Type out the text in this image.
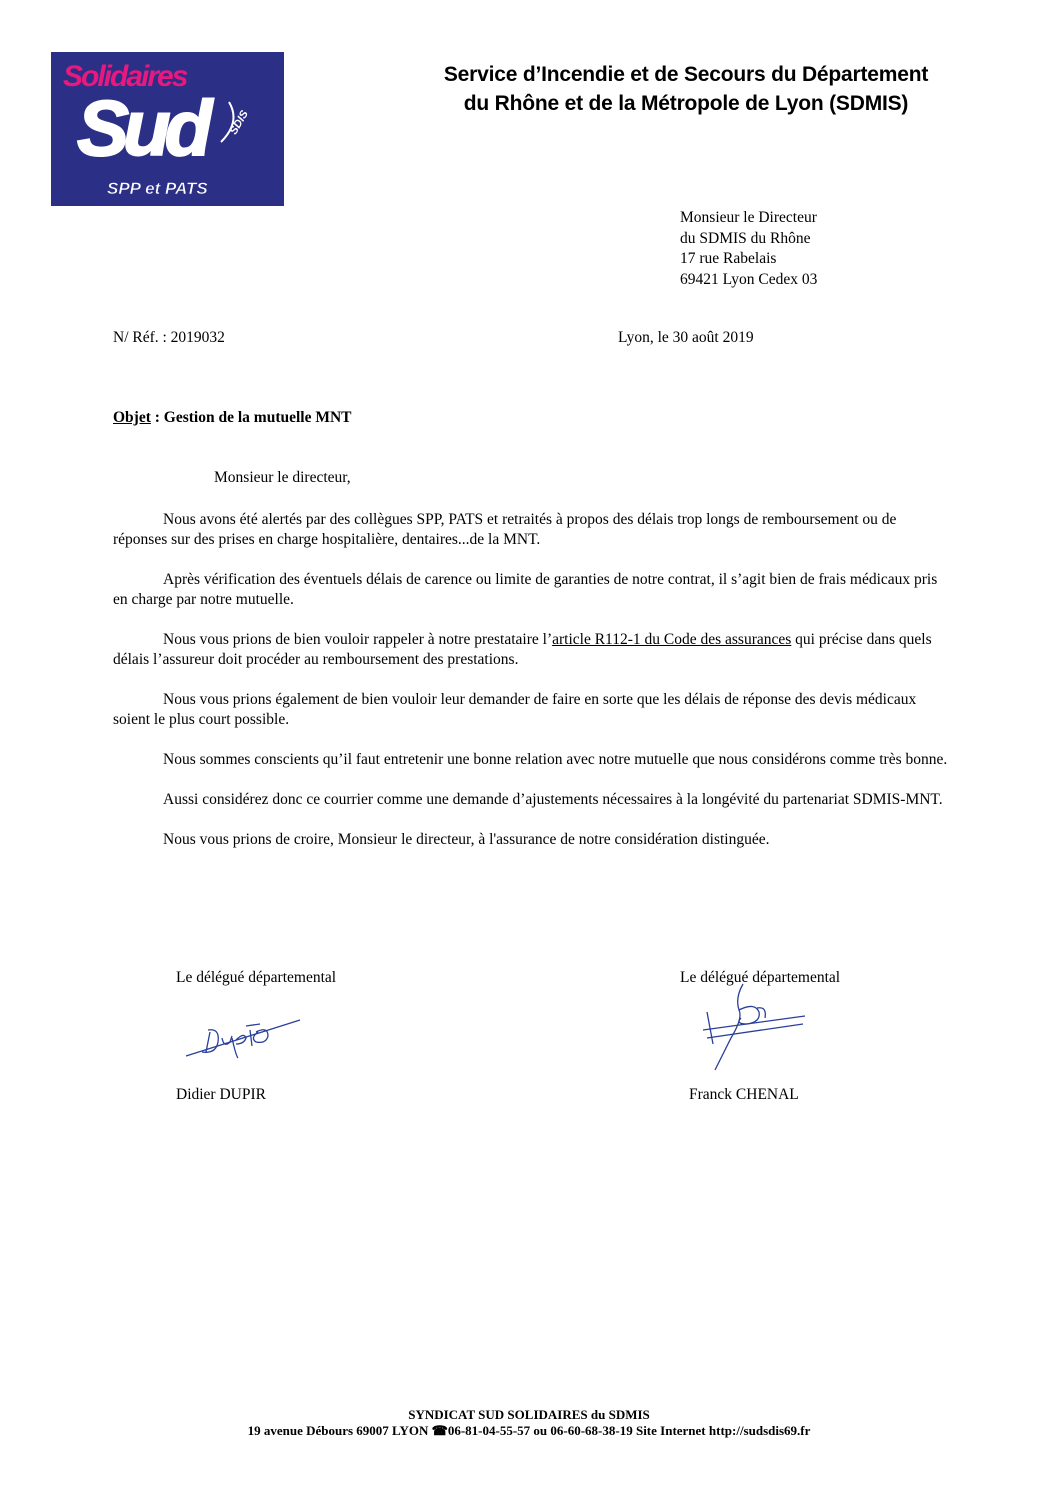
Solidaires
Sud	SDIS
SPP et PATS
Service d’Incendie et de Secours du Département
du Rhône et de la Métropole de Lyon (SDMIS)
Monsieur le Directeur
du SDMIS du Rhône
17 rue Rabelais
69421 Lyon Cedex 03
N/ Réf. : 2019032	Lyon, le 30 août 2019
Objet : Gestion de la mutuelle MNT
Monsieur le directeur,

Nous avons été alertés par des collègues SPP, PATS et retraités à propos des délais trop longs de remboursement ou de réponses sur des prises en charge hospitalière, dentaires...de la MNT.

Après vérification des éventuels délais de carence ou limite de garanties de notre contrat, il s’agit bien de frais médicaux pris en charge par notre mutuelle.

Nous vous prions de bien vouloir rappeler à notre prestataire l’article R112-1 du Code des assurances qui précise dans quels délais l’assureur doit procéder au remboursement des prestations.

Nous vous prions également de bien vouloir leur demander de faire en sorte que les délais de réponse des devis médicaux soient le plus court possible.

Nous sommes conscients qu’il faut entretenir une bonne relation avec notre mutuelle que nous considérons comme très bonne.

Aussi considérez donc ce courrier comme une demande d’ajustements nécessaires à la longévité du partenariat SDMIS-MNT.

Nous vous prions de croire, Monsieur le directeur, à l'assurance de notre considération distinguée.

Le délégué départemental	Le délégué départemental
Didier DUPIR	Franck CHENAL
SYNDICAT SUD SOLIDAIRES du SDMIS
19 avenue Débours 69007 LYON ☎06-81-04-55-57 ou 06-60-68-38-19 Site Internet http://sudsdis69.fr
